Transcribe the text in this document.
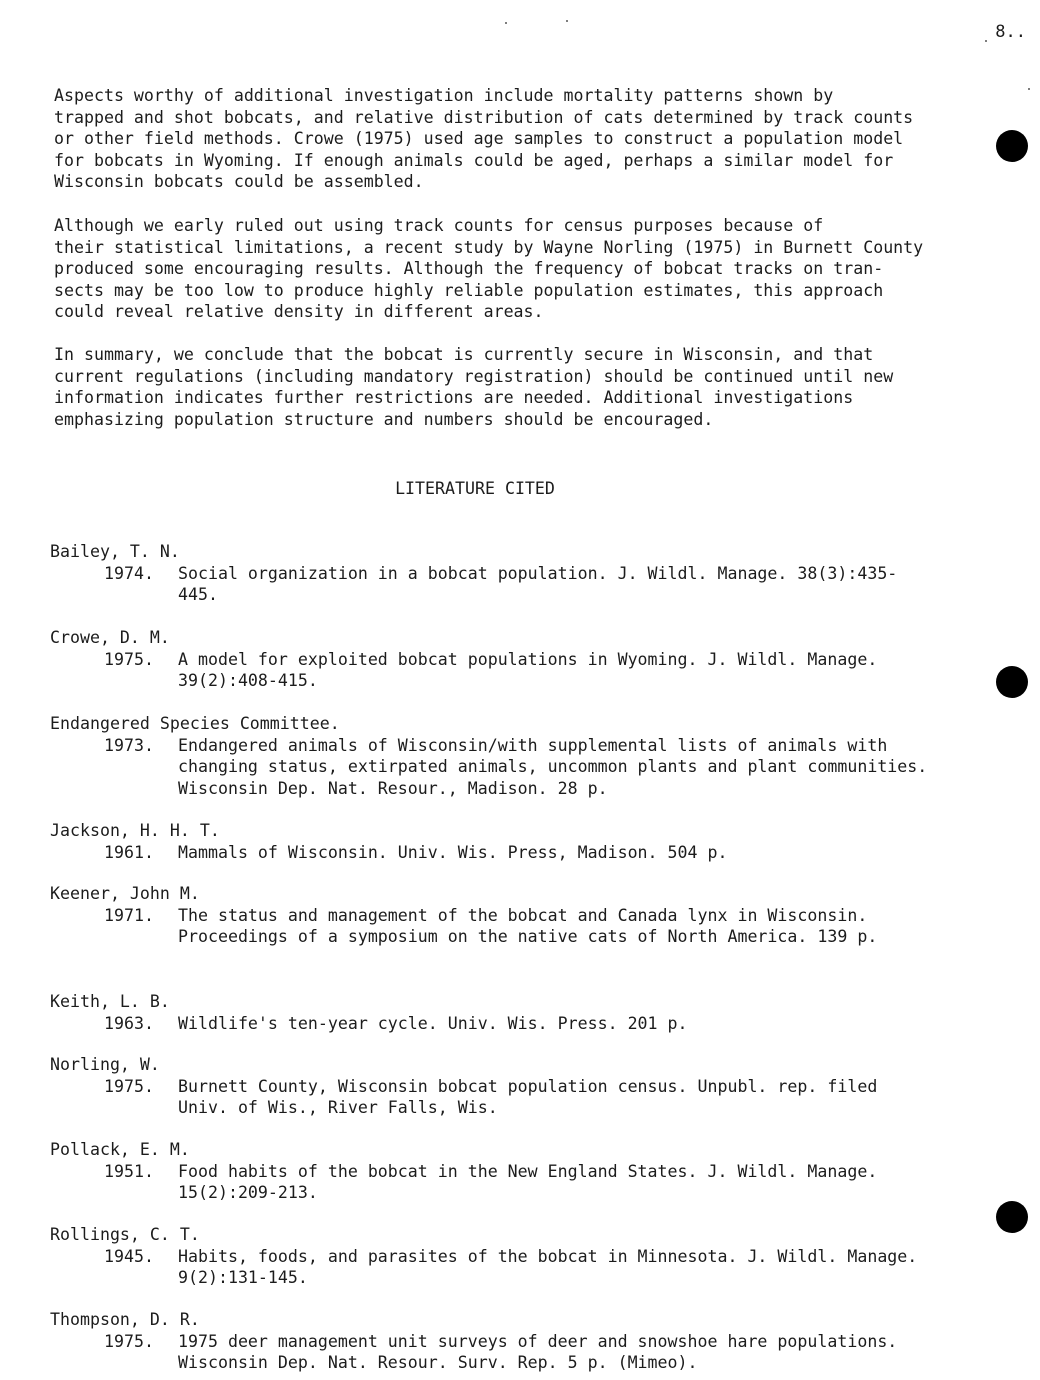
8..

Aspects worthy of additional investigation include mortality patterns shown by
trapped and shot bobcats, and relative distribution of cats determined by track counts
or other field methods. Crowe (1975) used age samples to construct a population model
for bobcats in Wyoming. If enough animals could be aged, perhaps a similar model for
Wisconsin bobcats could be assembled.

Although we early ruled out using track counts for census purposes because of
their statistical limitations, a recent study by Wayne Norling (1975) in Burnett County
produced some encouraging results. Although the frequency of bobcat tracks on tran-
sects may be too low to produce highly reliable population estimates, this approach
could reveal relative density in different areas.

In summary, we conclude that the bobcat is currently secure in Wisconsin, and that
current regulations (including mandatory registration) should be continued until new
information indicates further restrictions are needed. Additional investigations
emphasizing population structure and numbers should be encouraged.

LITERATURE CITED
Bailey, T. N.
1974. Social organization in a bobcat population. J. Wildl. Manage. 38(3):435-
445.
Crowe, D. M.
1975. A model for exploited bobcat populations in Wyoming. J. Wildl. Manage.
39(2):408-415.
Endangered Species Committee.
1973. Endangered animals of Wisconsin/with supplemental lists of animals with
changing status, extirpated animals, uncommon plants and plant communities.
Wisconsin Dep. Nat. Resour., Madison. 28 p.
Jackson, H. H. T.
1961. Mammals of Wisconsin. Univ. Wis. Press, Madison. 504 p.
Keener, John M.
1971. The status and management of the bobcat and Canada lynx in Wisconsin.
Proceedings of a symposium on the native cats of North America. 139 p.
Keith, L. B.
1963. Wildlife's ten-year cycle. Univ. Wis. Press. 201 p.
Norling, W.
1975. Burnett County, Wisconsin bobcat population census. Unpubl. rep. filed
Univ. of Wis., River Falls, Wis.
Pollack, E. M.
1951. Food habits of the bobcat in the New England States. J. Wildl. Manage.
15(2):209-213.
Rollings, C. T.
1945. Habits, foods, and parasites of the bobcat in Minnesota. J. Wildl. Manage.
9(2):131-145.
Thompson, D. R.
1975. 1975 deer management unit surveys of deer and snowshoe hare populations.
Wisconsin Dep. Nat. Resour. Surv. Rep. 5 p. (Mimeo).
